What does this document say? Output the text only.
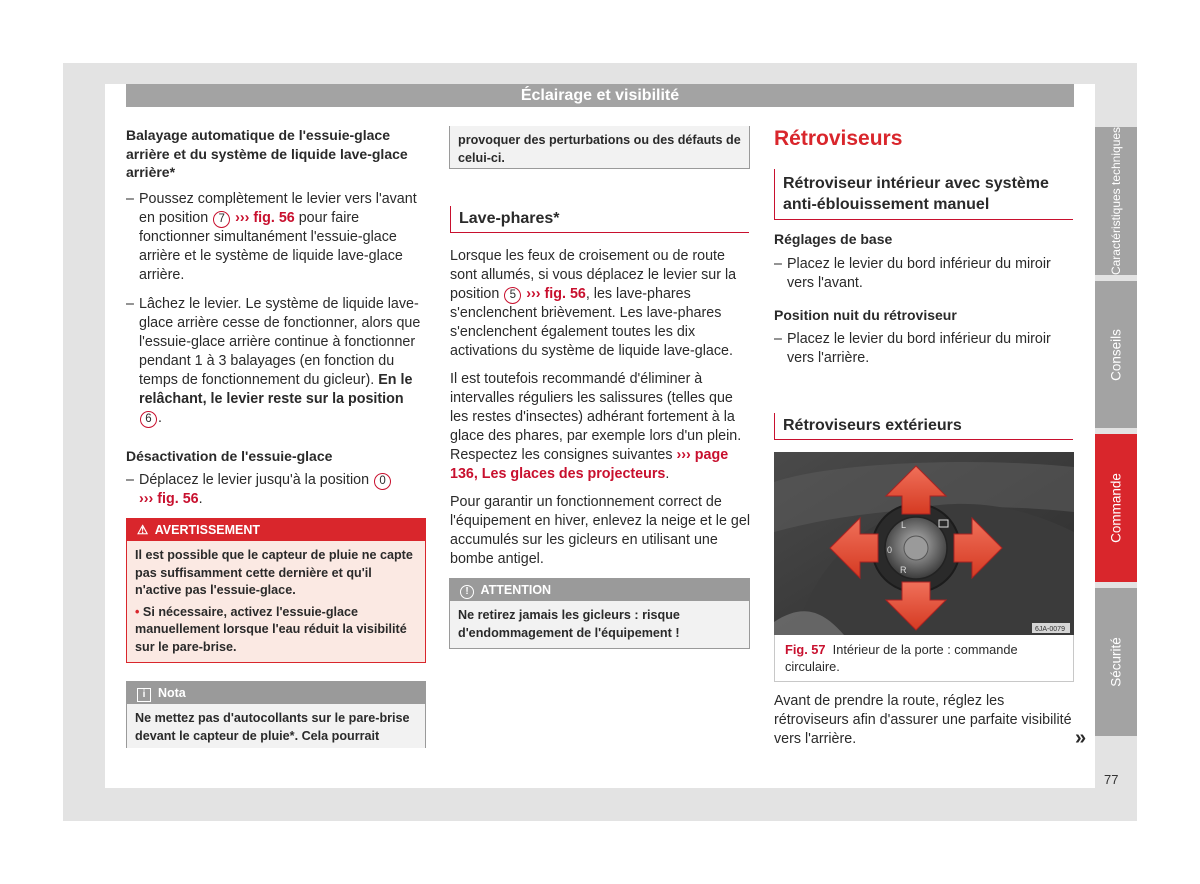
Éclairage et visibilité

Balayage automatique de l'essuie-glace arrière et du système de liquide lave-glace arrière*

– Poussez complètement le levier vers l'avant en position 7 ››› fig. 56 pour faire fonctionner simultanément l'essuie-glace arrière et le système de liquide lave-glace arrière.

– Lâchez le levier. Le système de liquide lave-glace arrière cesse de fonctionner, alors que l'essuie-glace arrière continue à fonctionner pendant 1 à 3 balayages (en fonction du temps de fonctionnement du gicleur). En le relâchant, le levier reste sur la position 6 .

Désactivation de l'essuie-glace

– Déplacez le levier jusqu'à la position 0
››› fig. 56.

⚠ AVERTISSEMENT
Il est possible que le capteur de pluie ne capte pas suffisamment cette dernière et qu'il n'active pas l'essuie-glace.
• Si nécessaire, activez l'essuie-glace manuellement lorsque l'eau réduit la visibilité sur le pare-brise.
i Nota
Ne mettez pas d'autocollants sur le pare-brise devant le capteur de pluie*. Cela pourrait
provoquer des perturbations ou des défauts de celui-ci.
Lave-phares*

Lorsque les feux de croisement ou de route sont allumés, si vous déplacez le levier sur la position 5 ››› fig. 56, les lave-phares s'enclenchent brièvement. Les lave-phares s'enclenchent également toutes les dix activations du système de liquide lave-glace.

Il est toutefois recommandé d'éliminer à intervalles réguliers les salissures (telles que les restes d'insectes) adhérant fortement à la glace des phares, par exemple lors d'un plein. Respectez les consignes suivantes ››› page 136, Les glaces des projecteurs.

Pour garantir un fonctionnement correct de l'équipement en hiver, enlevez la neige et le gel accumulés sur les gicleurs en utilisant une bombe antigel.

! ATTENTION
Ne retirez jamais les gicleurs : risque d'endommagement de l'équipement !
Rétroviseurs
Rétroviseur intérieur avec système anti-éblouissement manuel

Réglages de base

– Placez le levier du bord inférieur du miroir vers l'avant.

Position nuit du rétroviseur

– Placez le levier du bord inférieur du miroir vers l'arrière.

Rétroviseurs extérieurs
L
0
R
6JA-0079
Fig. 57 Intérieur de la porte : commande circulaire.

Avant de prendre la route, réglez les rétroviseurs afin d'assurer une parfaite visibilité vers l'arrière.	»
Caractéristiques techniques
Conseils
Commande
Sécurité
77
